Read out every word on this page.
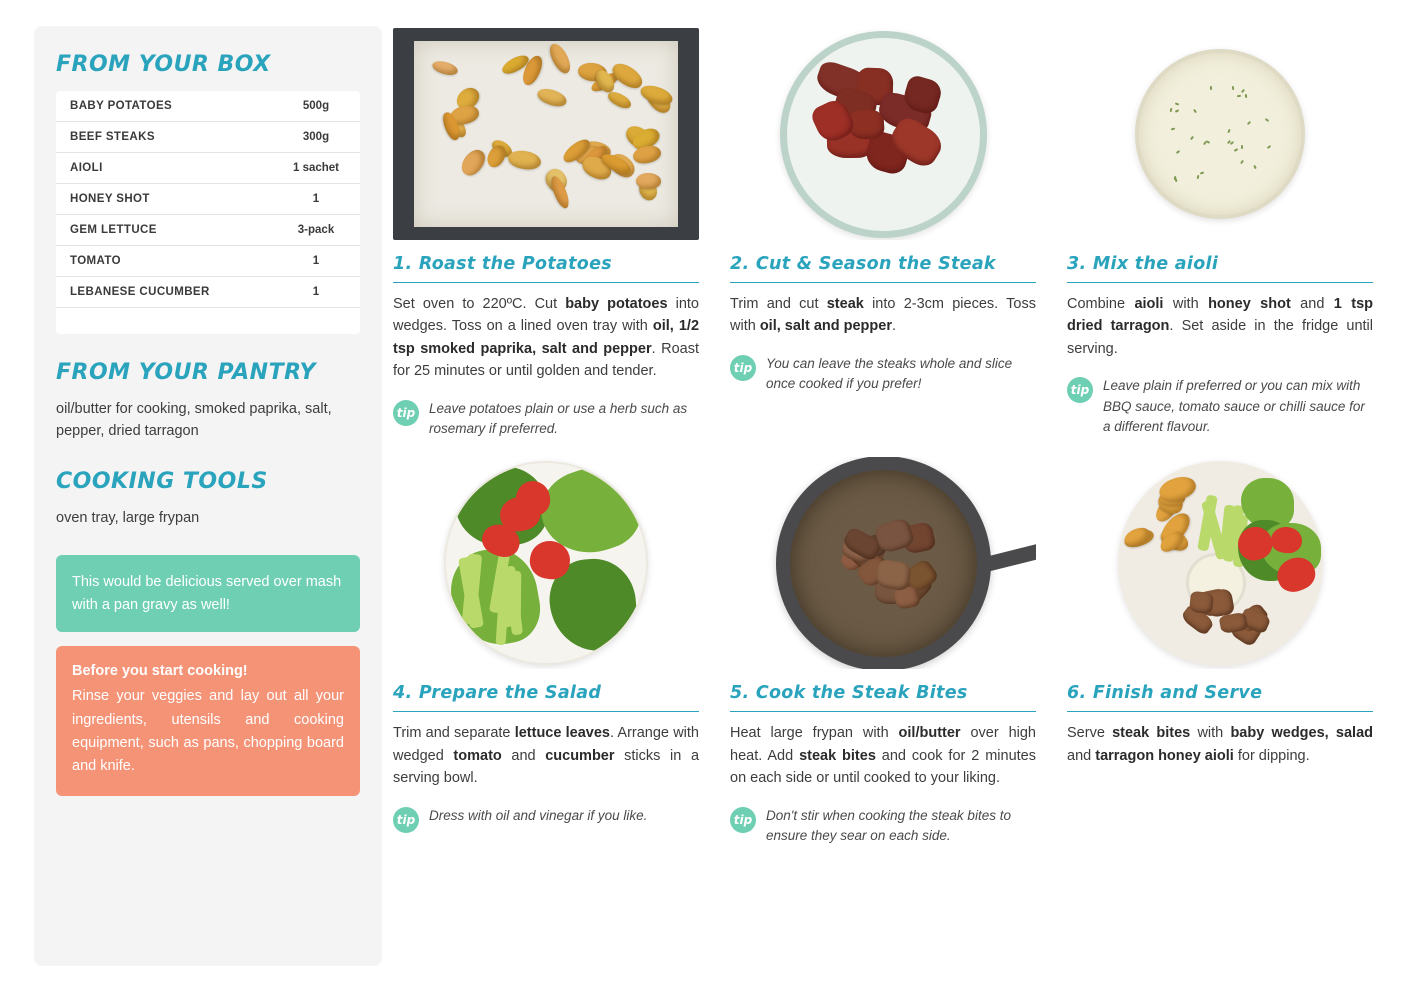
FROM YOUR BOX
BABY POTATOES	500g
BEEF STEAKS	300g
AIOLI	1 sachet
HONEY SHOT	1
GEM LETTUCE	3-pack
TOMATO	1
LEBANESE CUCUMBER	1
FROM YOUR PANTRY

oil/butter for cooking, smoked paprika, salt, pepper, dried tarragon

COOKING TOOLS

oven tray, large frypan

This would be delicious served over mash with a pan gravy as well!
Before you start cooking!
Rinse your veggies and lay out all your ingredients, utensils and cooking equipment, such as pans, chopping board and knife.
1. Roast the Potatoes

Set oven to 220ºC. Cut baby potatoes into wedges. Toss on a lined oven tray with oil, 1/2 tsp smoked paprika, salt and pepper. Roast for 25 minutes or until golden and tender.

tip Leave potatoes plain or use a herb such as rosemary if preferred.
2. Cut & Season the Steak

Trim and cut steak into 2-3cm pieces. Toss with oil, salt and pepper.

tip You can leave the steaks whole and slice once cooked if you prefer!
3. Mix the aioli

Combine aioli with honey shot and 1 tsp dried tarragon. Set aside in the fridge until serving.

tip Leave plain if preferred or you can mix with BBQ sauce, tomato sauce or chilli sauce for a different flavour.
4. Prepare the Salad

Trim and separate lettuce leaves. Arrange with wedged tomato and cucumber sticks in a serving bowl.

tip Dress with oil and vinegar if you like.
5. Cook the Steak Bites

Heat large frypan with oil/butter over high heat. Add steak bites and cook for 2 minutes on each side or until cooked to your liking.

tip Don't stir when cooking the steak bites to ensure they sear on each side.
6. Finish and Serve

Serve steak bites with baby wedges, salad and tarragon honey aioli for dipping.
